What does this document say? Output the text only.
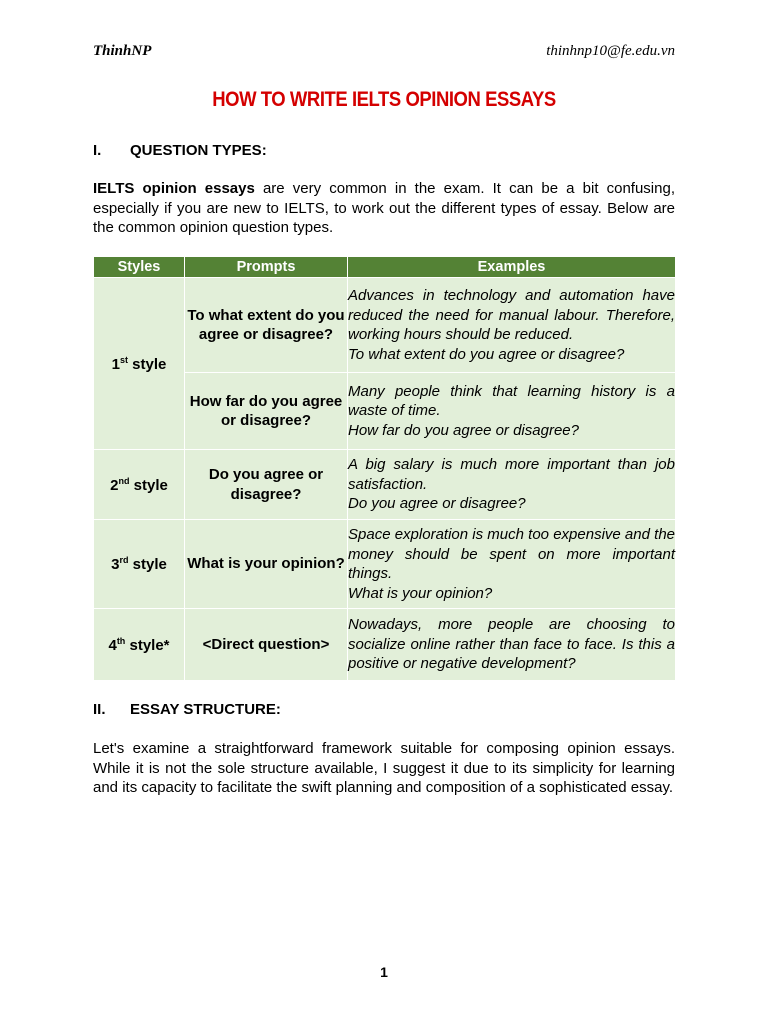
ThinhNP	thinhnp10@fe.edu.vn
HOW TO WRITE IELTS OPINION ESSAYS
I. QUESTION TYPES:
IELTS opinion essays are very common in the exam. It can be a bit confusing, especially if you are new to IELTS, to work out the different types of essay. Below are the common opinion question types.
Styles	Prompts	Examples
1st style	To what extent do you agree or disagree?	Advances in technology and automation have reduced the need for manual labour. Therefore, working hours should be reduced.
To what extent do you agree or disagree?

	How far do you agree or disagree?	Many people think that learning history is a waste of time.
How far do you agree or disagree?

2nd style	Do you agree or disagree?	A big salary is much more important than job satisfaction.
Do you agree or disagree?

3rd style	What is your opinion?	Space exploration is much too expensive and the money should be spent on more important things.
What is your opinion?

4th style*	<Direct question>	Nowadays, more people are choosing to socialize online rather than face to face. Is this a positive or negative development?
II. ESSAY STRUCTURE:
Let's examine a straightforward framework suitable for composing opinion essays. While it is not the sole structure available, I suggest it due to its simplicity for learning and its capacity to facilitate the swift planning and composition of a sophisticated essay.
1
